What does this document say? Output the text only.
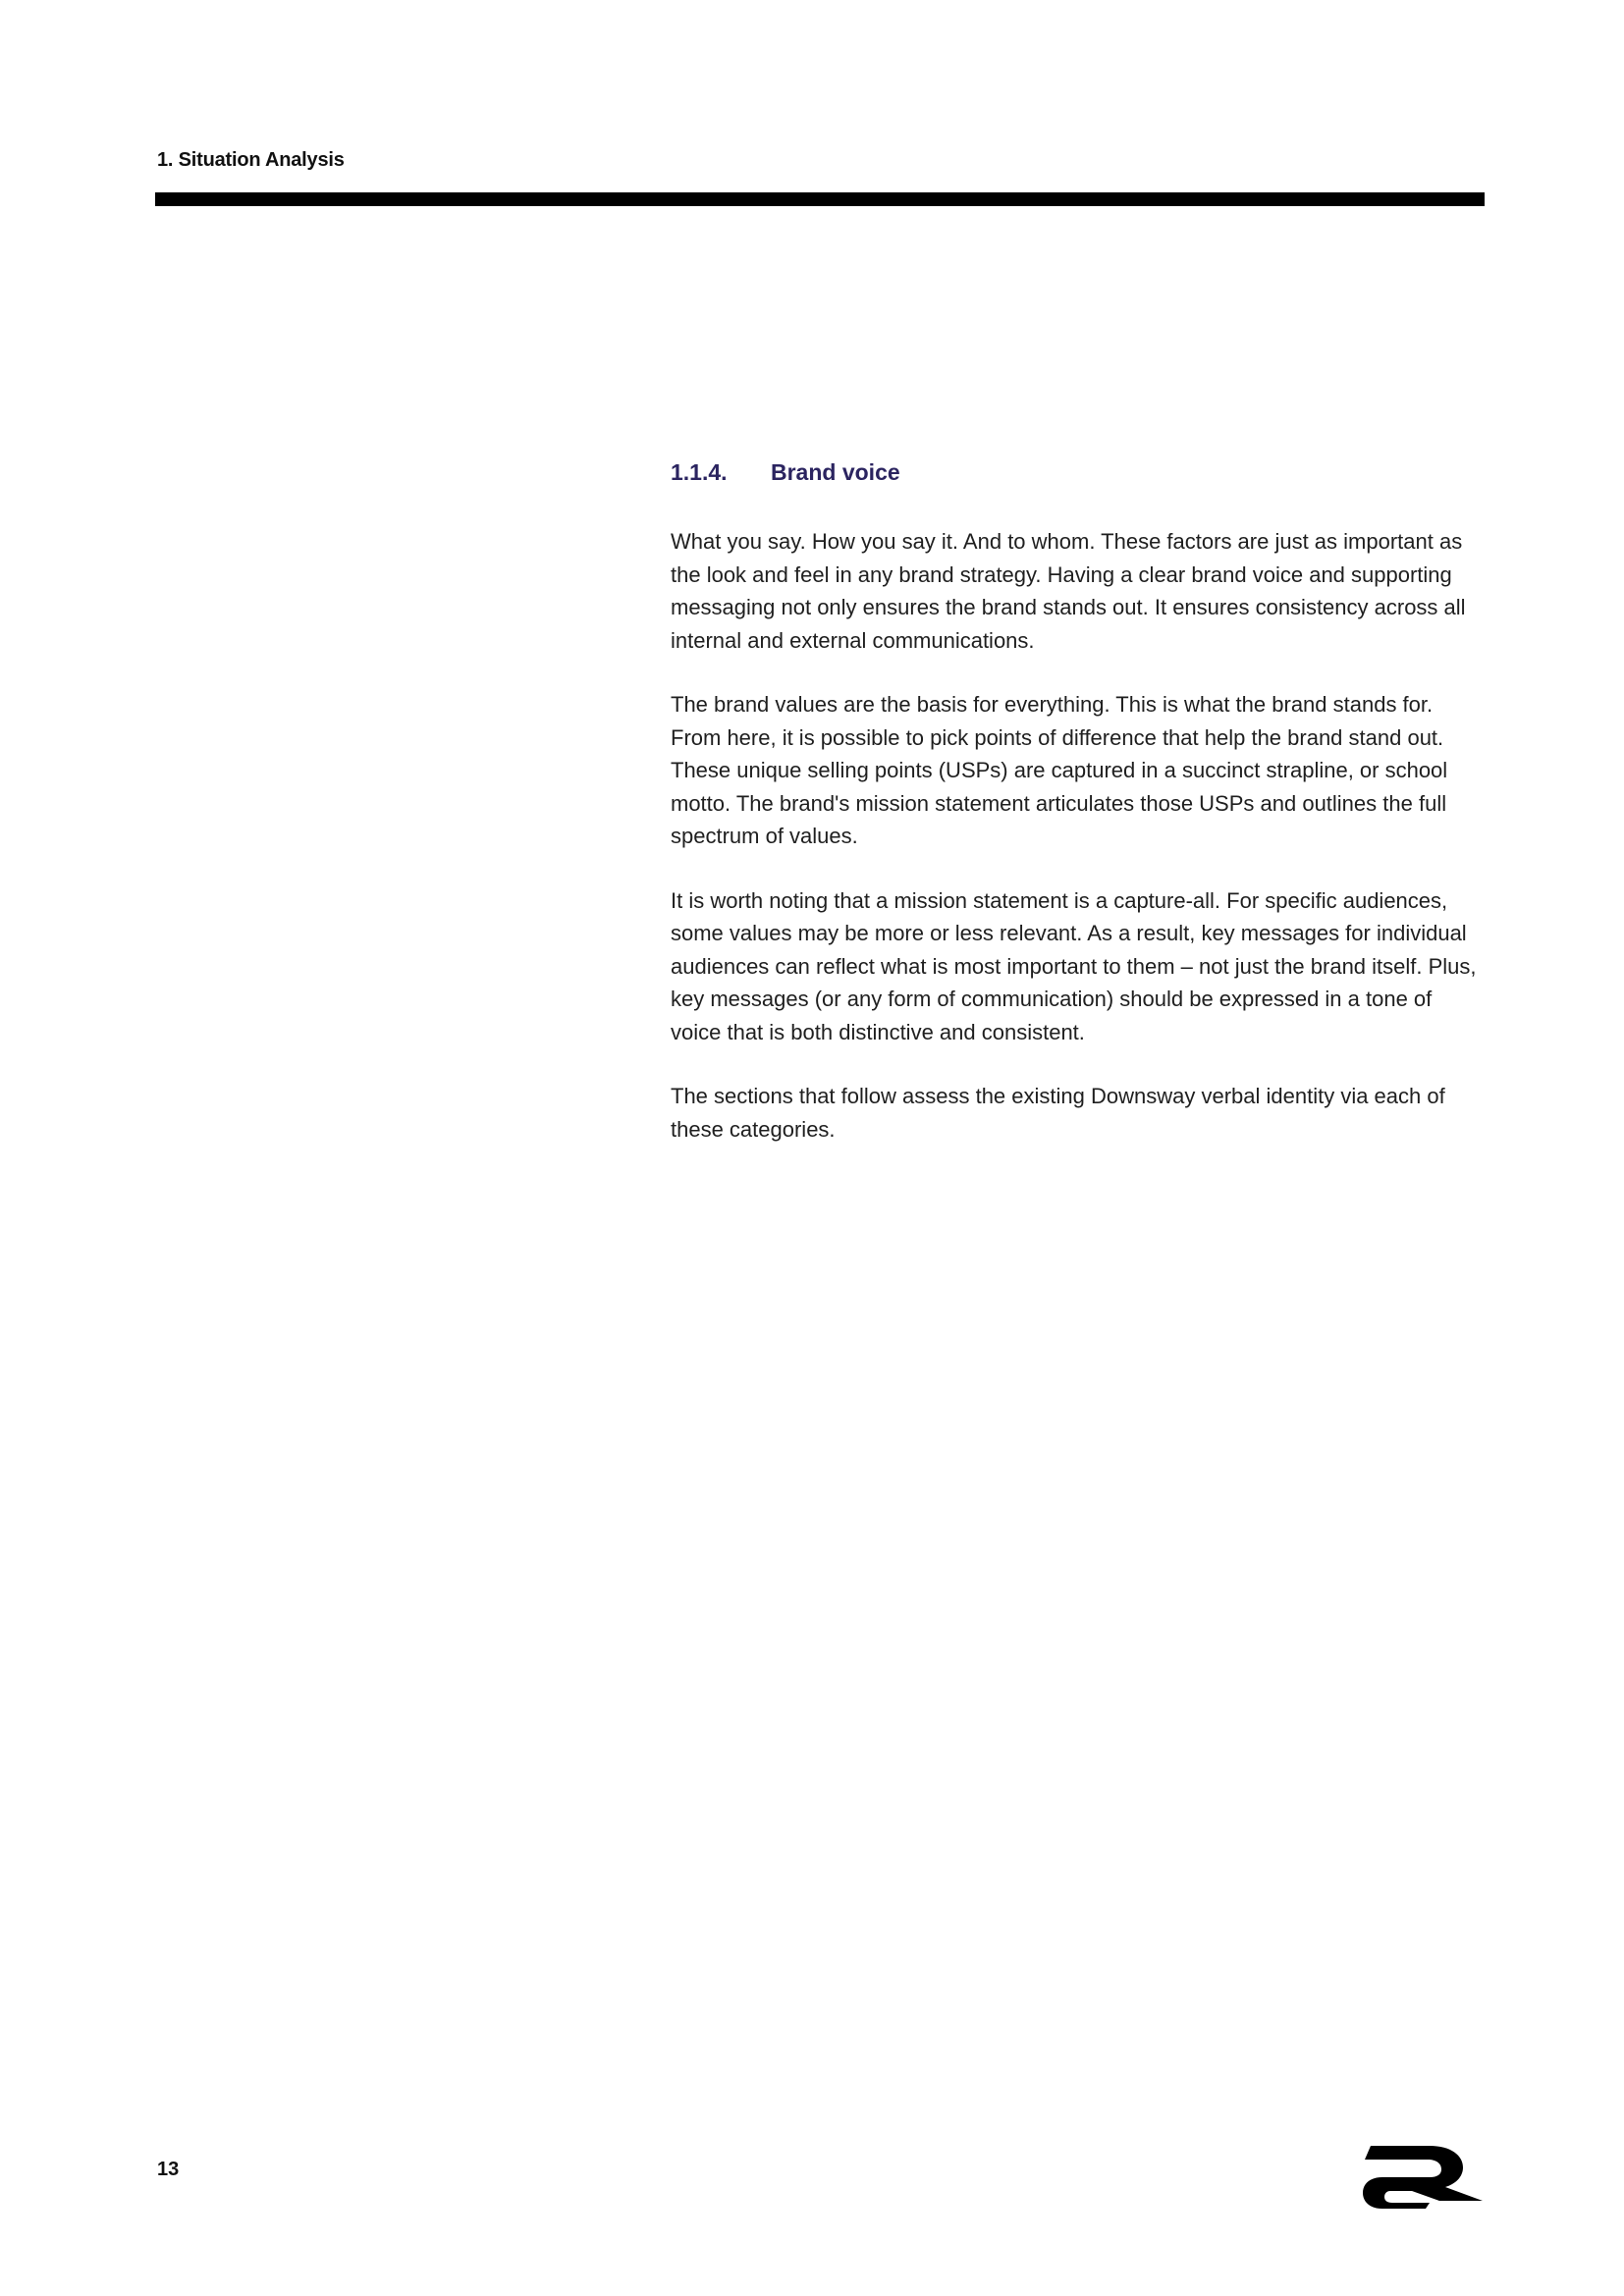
1. Situation Analysis
1.1.4.	Brand voice

What you say. How you say it. And to whom. These factors are just as important as the look and feel in any brand strategy. Having a clear brand voice and supporting messaging not only ensures the brand stands out. It ensures consistency across all internal and external communications.

The brand values are the basis for everything. This is what the brand stands for. From here, it is possible to pick points of difference that help the brand stand out. These unique selling points (USPs) are captured in a succinct strapline, or school motto. The brand's mission statement articulates those USPs and outlines the full spectrum of values.

It is worth noting that a mission statement is a capture-all. For specific audiences, some values may be more or less relevant. As a result, key messages for individual audiences can reflect what is most important to them – not just the brand itself. Plus, key messages (or any form of communication) should be expressed in a tone of voice that is both distinctive and consistent.

The sections that follow assess the existing Downsway verbal identity via each of these categories.

13
